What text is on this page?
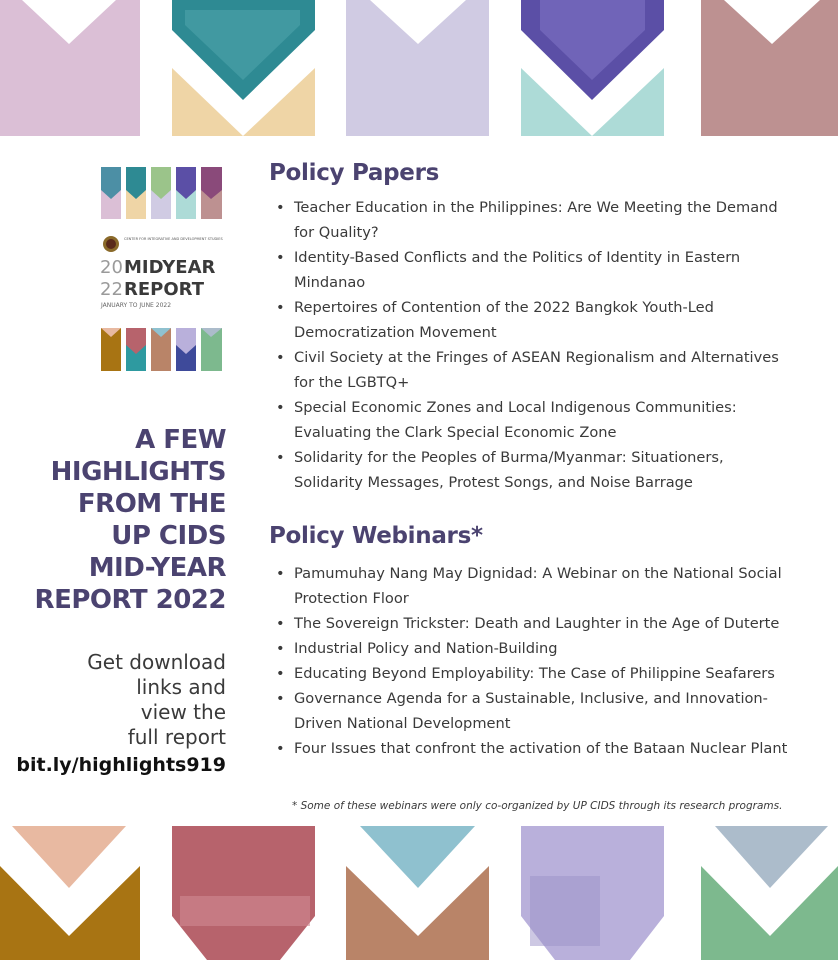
CENTER FOR INTEGRATIVE AND DEVELOPMENT STUDIES
20 MIDYEAR
22 REPORT
JANUARY TO JUNE 2022
A FEW
HIGHLIGHTS
FROM THE
UP CIDS
MID-YEAR
REPORT 2022
Get download
links and
view the
full report
bit.ly/highlights919
Policy Papers
• Teacher Education in the Philippines: Are We Meeting the Demand for Quality?
• Identity-Based Conflicts and the Politics of Identity in Eastern Mindanao
• Repertoires of Contention of the 2022 Bangkok Youth-Led Democratization Movement
• Civil Society at the Fringes of ASEAN Regionalism and Alternatives for the LGBTQ+
• Special Economic Zones and Local Indigenous Communities: Evaluating the Clark Special Economic Zone
• Solidarity for the Peoples of Burma/Myanmar: Situationers, Solidarity Messages, Protest Songs, and Noise Barrage
Policy Webinars*
• Pamumuhay Nang May Dignidad: A Webinar on the National Social Protection Floor
• The Sovereign Trickster: Death and Laughter in the Age of Duterte
• Industrial Policy and Nation-Building
• Educating Beyond Employability: The Case of Philippine Seafarers
• Governance Agenda for a Sustainable, Inclusive, and Innovation-Driven National Development
• Four Issues that confront the activation of the Bataan Nuclear Plant
* Some of these webinars were only co-organized by UP CIDS through its research programs.
